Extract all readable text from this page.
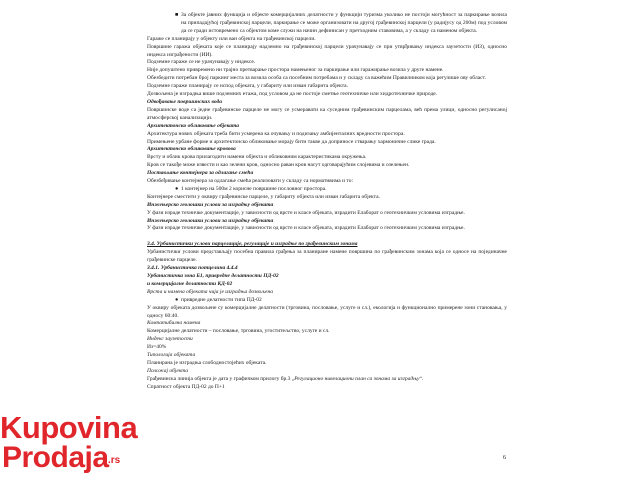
■ За објекте јавних функција и објекте комерцијалних делатности у функцији туризма уколико не постоји могућност за паркирање возила на припадајућој грађевинској парцели, паркирање се може организовати на другој грађевинској парцели (у радијусу од 200м) под условом да се гради истовремено са објектом коме служи на начин дефинисан у претходним ставовима, а у складу са наменом објекта.
Гараже се планирају у објекту или ван објекта на грађевинској парцели.
Површине гаража објеката које се планирају надземно на грађевинској парцели урачунавају се при утврђивању индекса заузетости (ИЗ), односно индекса изграђености (ИИ).
Подземне гараже се не урачунавају у индексе.
Није допуштено привремено ни трајно претварање простора намењеног за паркирање или гаражирање возила у друге намене.
Обезбедити потребан број паркинг места за возила особа са посебним потребама и у складу са важећим Правилником која регулише ову област.
Подземне гараже планирају се испод објеката, у габариту или изван габарита објекта.
Дозвољена је изградња више подземних етажа, под условом да не постоје сметње геотехничке или хидротехничке природе.
Одвођавање површинских вода
Површинске воде са једне грађевинске парцеле не могу се усмеравати ка суседним грађевинским парцелама, већ према улици, односно регулисаној атмосферској канализацији.
Архитектонско обликовање објеката
Архитектура нових објеката треба бити усмерена ка очувању и подизању амбијенталних вредности простора.
Примењене урбане форме и архитектонско обликовање морају бити такве да доприносе стварању хармоничне слике града.
Архитектонско обликовање кровова
Врсту и облик крова прилагодити намени објекта и обликовним карактеристикама окружења.
Кров се такође може извести и као зелени кров, односно раван кров насут одговарајућим слојевима и озелењен.
Постављање контејнера за одлагање смећа
Обезбеђивање контејнера за одлагање смећа реализовати у складу са нормативима и то:
● 1 контејнер на 500м 2 корисне површине пословног простора.
Контејнере сместити у оквиру грађевинске парцеле, у габариту објекта или изван габарита објекта.
Инжењерско геолошки услови за изградњу објеката
У фази израде техничке документације, у зависности од врсте и класе објеката, израдити Елаборат о геотехничким условима изградње.
Инжењерско геолошки услови за изградњу објеката
У фази израде техничке документације, у зависности од врсте и класе објеката, израдити Елаборат о геотехничким условима изградње.
3.4. Урбанистички услови парцелације, регулације и изградње по грађевинским зонама
Урбанистички услови представљају посебна правила грађења за планиране намене површина по грађевинским зонама која се односе на појединачне грађевинске парцеле.
3.4.1. Урбанистичка потцелина 4.4.4
Урбанистичка зона Б1, привредне делатности ПД-02
и комерцијалне делатности КД-02
Врста и намена објеката чија је изградња дозвољена
● привредне делатности типа ПД-02
У оквиру објеката дозвољене су комерцијалне делатности (трговина, пословање, услуге и сл.), екологија и функционално примерене зони становања, у односу 60:40.
Компатибилна намена
Комерцијалне делатности – пословање, трговина, угоститељство, услуге и сл.
Индекс заузетости
Из=40%
Типологија објеката
Планирана је изградња слободностојећих објеката.
Положај објекта
Грађевинска линија објекта је дата у графичком прилогу бр.3 „Регулационо нивелациони план са зонама за изградњу“.
Спратност објекта ПД-02 до П+1
6
Kupovina
Prodaja .rs
